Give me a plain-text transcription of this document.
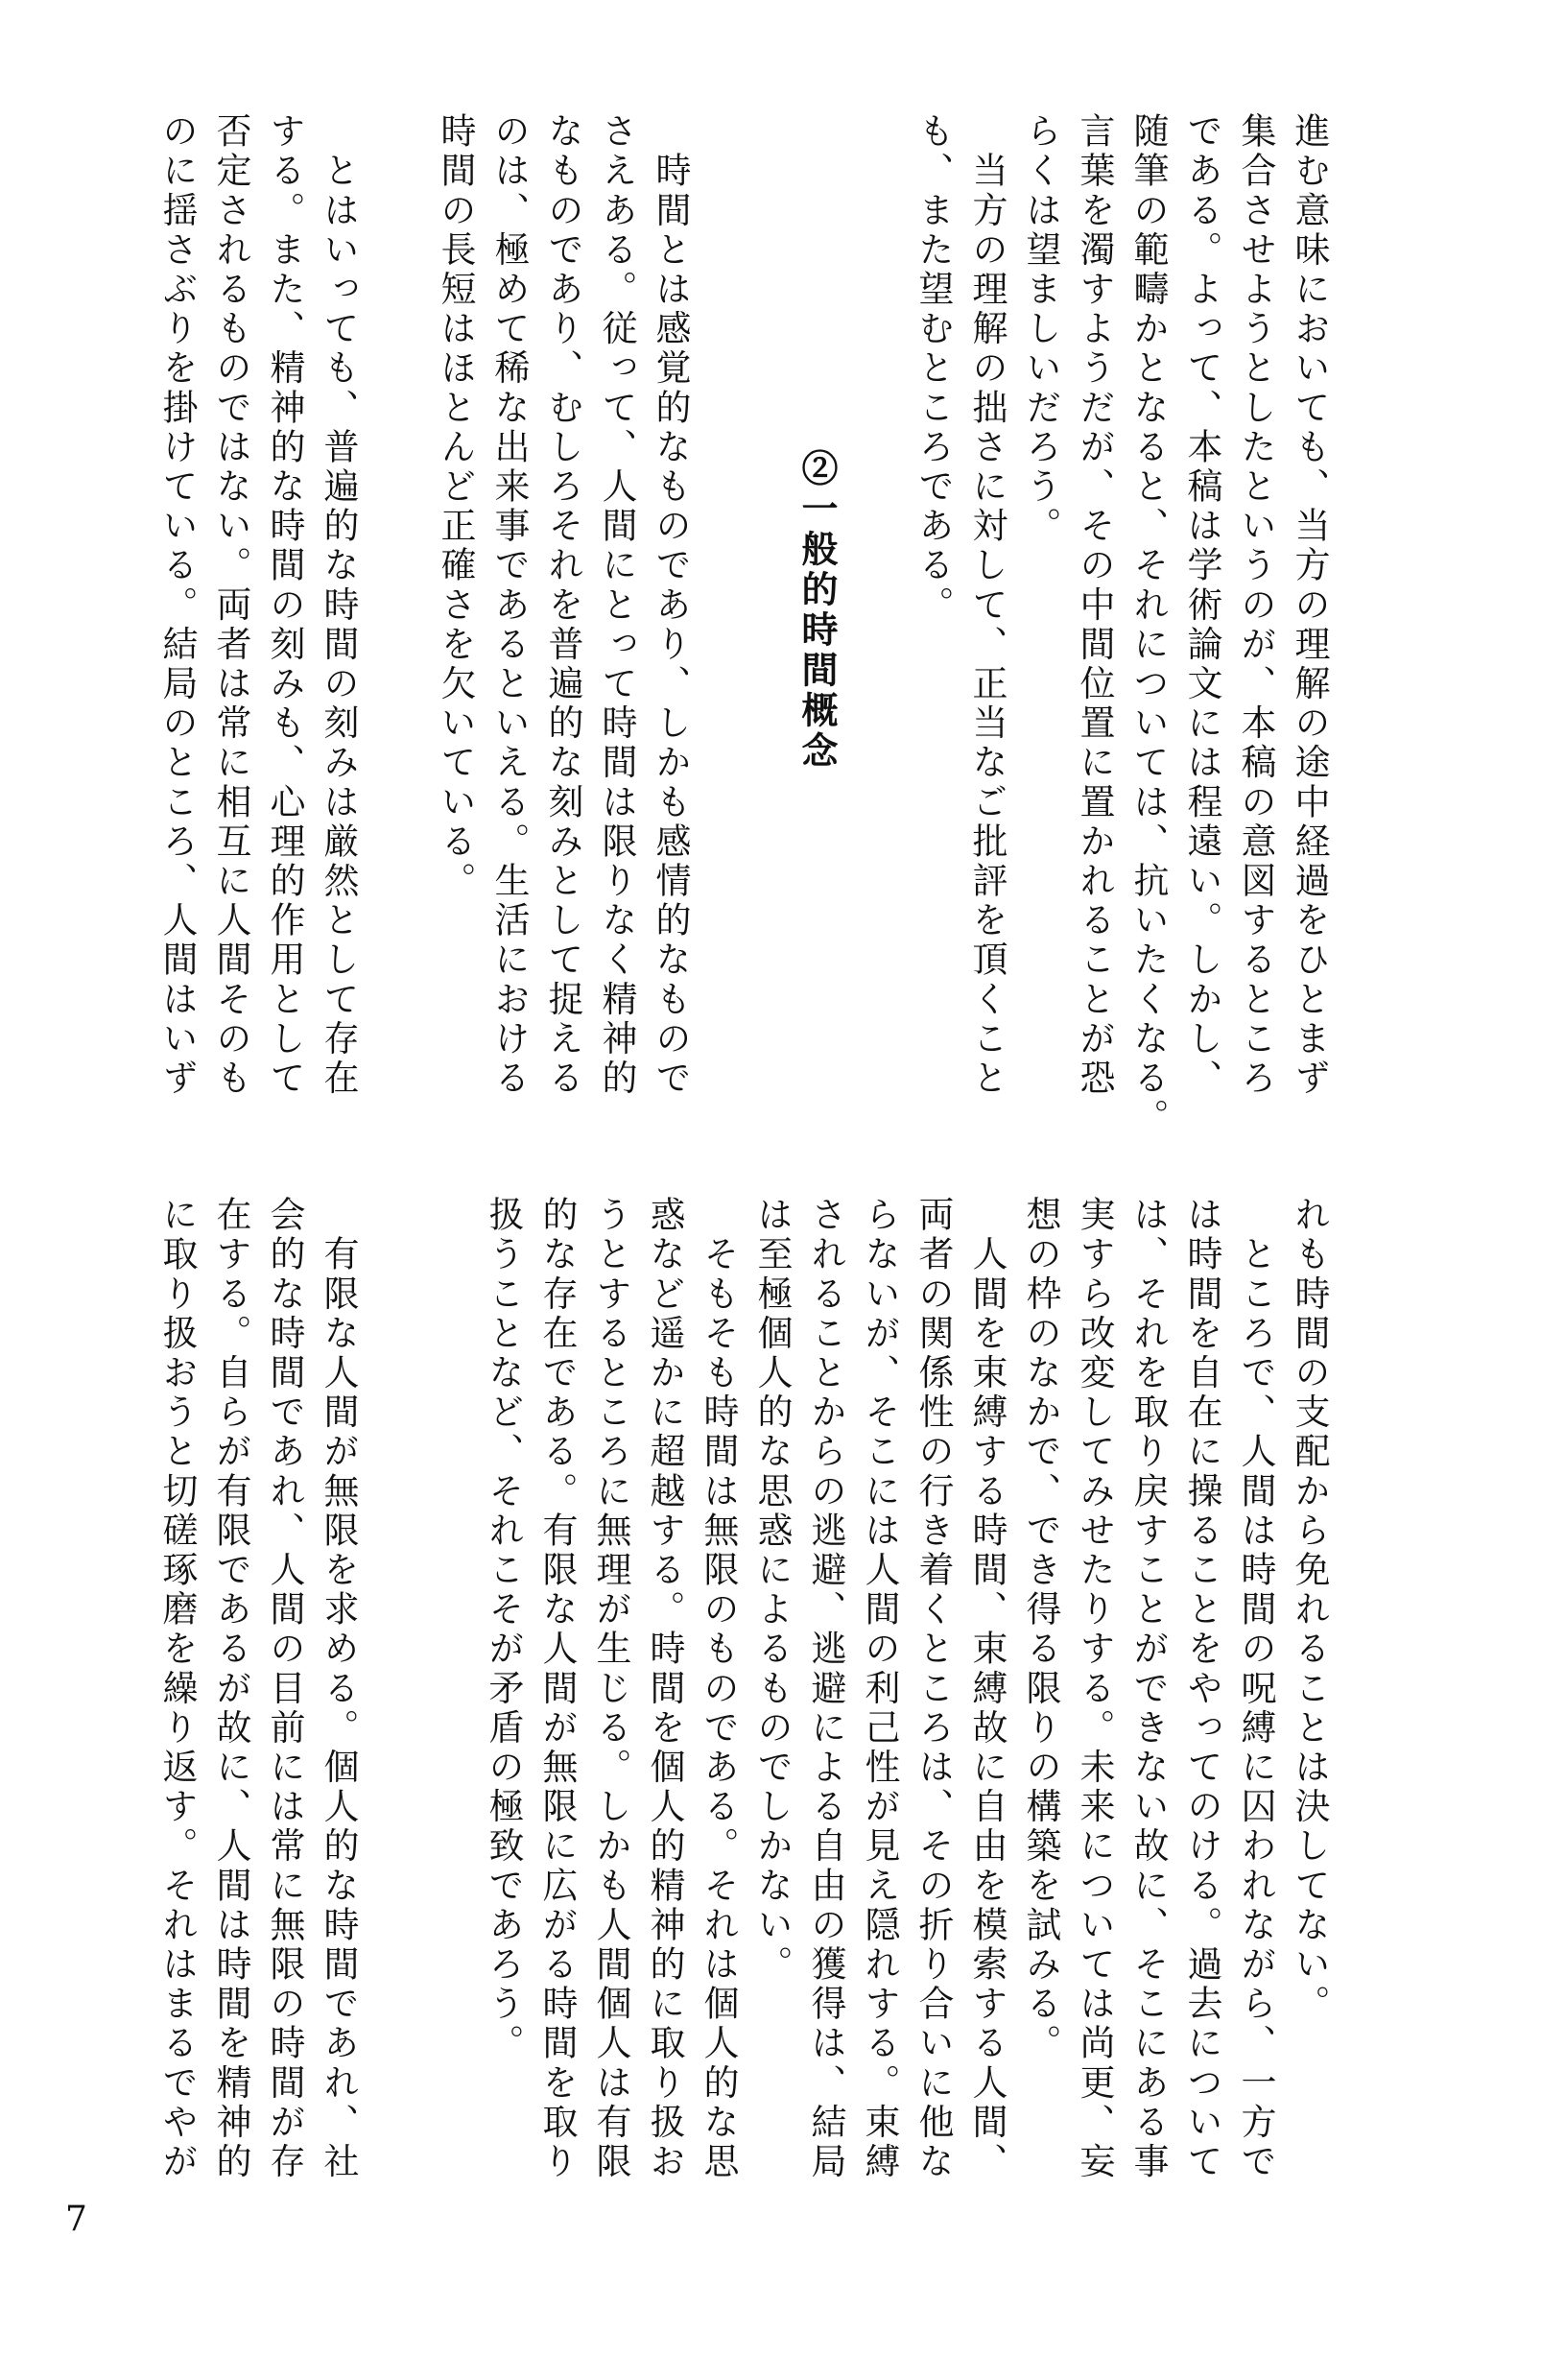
進む意味においても、当方の理解の途中経過をひとまず

集合させようとしたというのが、本稿の意図するところ

である。よって、本稿は学術論文には程遠い。しかし、

随筆の範疇かとなると、それについては、抗いたくなる。

言葉を濁すようだが、その中間位置に置かれることが恐

らくは望ましいだろう。

　当方の理解の拙さに対して、正当なご批評を頂くこと

も、また望むところである。

②一般的時間概念

　時間とは感覚的なものであり、しかも感情的なもので

さえある。従って、人間にとって時間は限りなく精神的

なものであり、むしろそれを普遍的な刻みとして捉える

のは、極めて稀な出来事であるといえる。生活における

時間の長短はほとんど正確さを欠いている。

　とはいっても、普遍的な時間の刻みは厳然として存在

する。また、精神的な時間の刻みも、心理的作用として

否定されるものではない。両者は常に相互に人間そのも

のに揺さぶりを掛けている。結局のところ、人間はいず

れも時間の支配から免れることは決してない。

　ところで、人間は時間の呪縛に囚われながら、一方で

は時間を自在に操ることをやってのける。過去について

は、それを取り戻すことができない故に、そこにある事

実すら改変してみせたりする。未来については尚更、妄

想の枠のなかで、でき得る限りの構築を試みる。

　人間を束縛する時間、束縛故に自由を模索する人間、

両者の関係性の行き着くところは、その折り合いに他な

らないが、そこには人間の利己性が見え隠れする。束縛

されることからの逃避、逃避による自由の獲得は、結局

は至極個人的な思惑によるものでしかない。

　そもそも時間は無限のものである。それは個人的な思

惑など遥かに超越する。時間を個人的精神的に取り扱お

うとするところに無理が生じる。しかも人間個人は有限

的な存在である。有限な人間が無限に広がる時間を取り

扱うことなど、それこそが矛盾の極致であろう。

　有限な人間が無限を求める。個人的な時間であれ、社

会的な時間であれ、人間の目前には常に無限の時間が存

在する。自らが有限であるが故に、人間は時間を精神的

に取り扱おうと切磋琢磨を繰り返す。それはまるでやが

7
